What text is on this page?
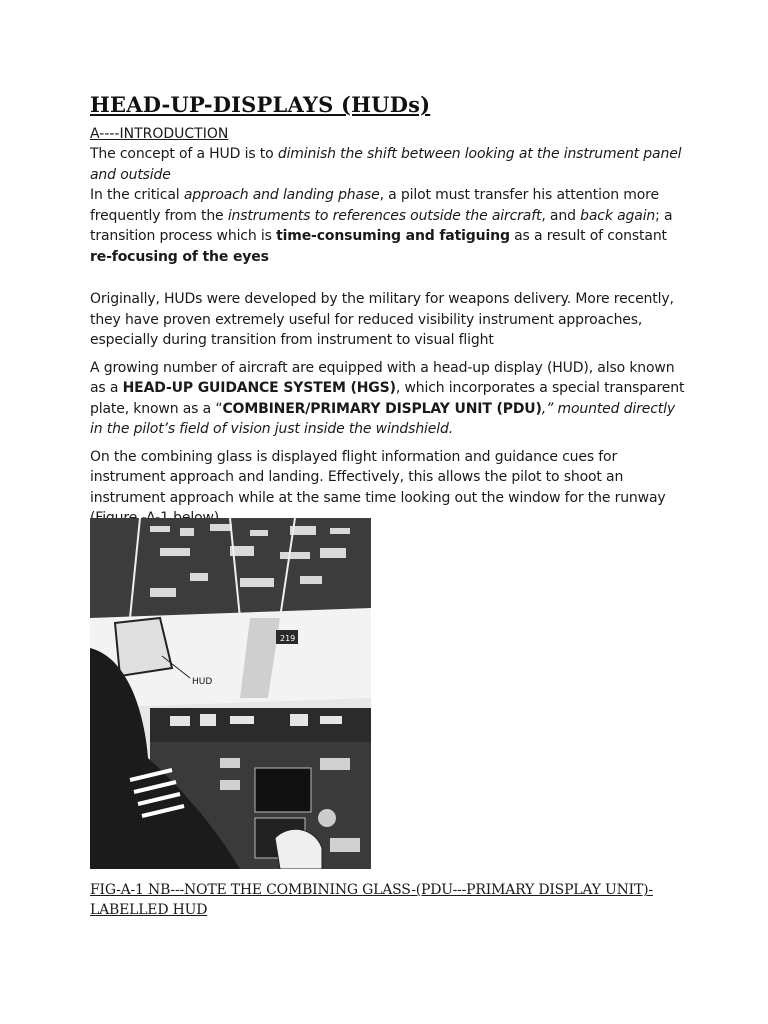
HEAD-UP-DISPLAYS (HUDs)
A----INTRODUCTION

The concept of a HUD is to diminish the shift between looking at the instrument panel and outside

In the critical approach and landing phase, a pilot must transfer his attention more frequently from the instruments to references outside the aircraft, and back again; a transition process which is time-consuming and fatiguing as a result of constant re-focusing of the eyes

Originally, HUDs were developed by the military for weapons delivery. More recently, they have proven extremely useful for reduced visibility instrument approaches, especially during transition from instrument to visual flight

A growing number of aircraft are equipped with a head-up display (HUD), also known as a HEAD-UP GUIDANCE SYSTEM (HGS), which incorporates a special transparent plate, known as a “COMBINER/PRIMARY DISPLAY UNIT (PDU),” mounted directly in the pilot’s field of vision just inside the windshield.

On the combining glass is displayed flight information and guidance cues for instrument approach and landing. Effectively, this allows the pilot to shoot an instrument approach while at the same time looking out the window for the runway

219
HUD
FIG-A-1 NB---NOTE THE COMBINING GLASS-(PDU---PRIMARY DISPLAY UNIT)- LABELLED HUD
